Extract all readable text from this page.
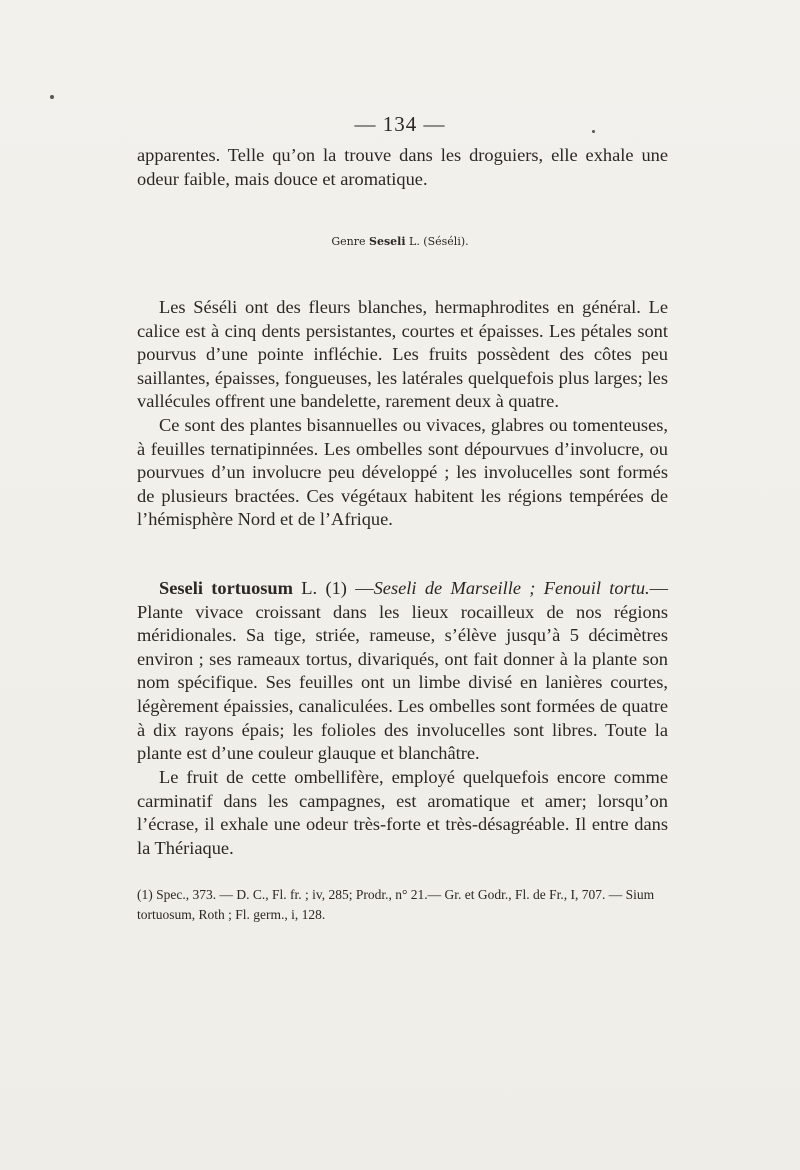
— 134 —

apparentes. Telle qu’on la trouve dans les droguiers, elle exhale une odeur faible, mais douce et aromatique.

Genre Seseli L. (Séséli).

Les Séséli ont des fleurs blanches, hermaphrodites en général. Le calice est à cinq dents persistantes, courtes et épaisses. Les pétales sont pourvus d’une pointe infléchie. Les fruits possèdent des côtes peu saillantes, épaisses, fongueuses, les latérales quelquefois plus larges; les vallécules offrent une bandelette, rarement deux à quatre.

Ce sont des plantes bisannuelles ou vivaces, glabres ou tomenteuses, à feuilles ternatipinnées. Les ombelles sont dépourvues d’involucre, ou pourvues d’un involucre peu développé ; les involucelles sont formés de plusieurs bractées. Ces végétaux habitent les régions tempérées de l’hémisphère Nord et de l’Afrique.

Seseli tortuosum L. (1) —Seseli de Marseille ; Fenouil tortu.—Plante vivace croissant dans les lieux rocailleux de nos régions méridionales. Sa tige, striée, rameuse, s’élève jusqu’à 5 décimètres environ ; ses rameaux tortus, divariqués, ont fait donner à la plante son nom spécifique. Ses feuilles ont un limbe divisé en lanières courtes, légèrement épaissies, canaliculées. Les ombelles sont formées de quatre à dix rayons épais; les folioles des involucelles sont libres. Toute la plante est d’une couleur glauque et blanchâtre.

Le fruit de cette ombellifère, employé quelquefois encore comme carminatif dans les campagnes, est aromatique et amer; lorsqu’on l’écrase, il exhale une odeur très-forte et très-désagréable. Il entre dans la Thériaque.

(1) Spec., 373. — D. C., Fl. fr. ; iv, 285; Prodr., n° 21.— Gr. et Godr., Fl. de Fr., I, 707. — Sium tortuosum, Roth ; Fl. germ., i, 128.
